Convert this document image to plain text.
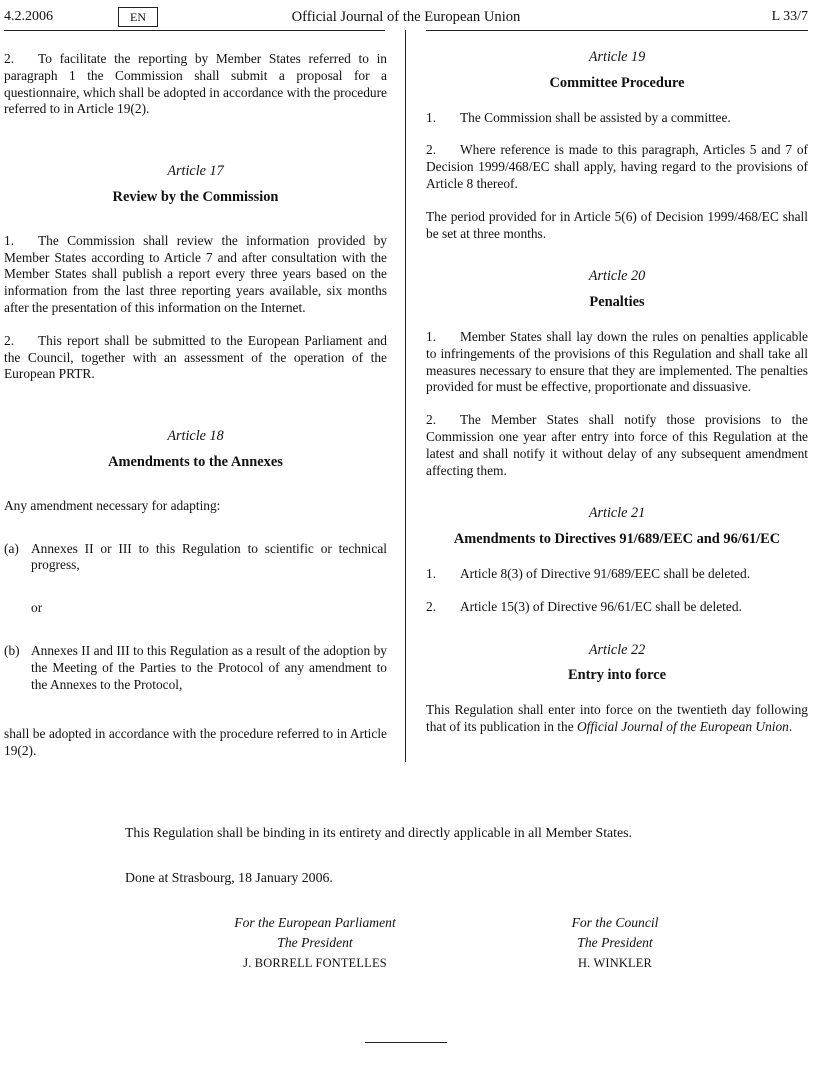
4.2.2006	EN	Official Journal of the European Union	L 33/7

2. To facilitate the reporting by Member States referred to in paragraph 1 the Commission shall submit a proposal for a questionnaire, which shall be adopted in accordance with the procedure referred to in Article 19(2).

Article 17
Review by the Commission

1. The Commission shall review the information provided by Member States according to Article 7 and after consultation with the Member States shall publish a report every three years based on the information from the last three reporting years available, six months after the presentation of this information on the Internet.

2. This report shall be submitted to the European Parliament and the Council, together with an assessment of the operation of the European PRTR.

Article 18
Amendments to the Annexes

Any amendment necessary for adapting:

(a) Annexes II or III to this Regulation to scientific or technical progress,

or

(b) Annexes II and III to this Regulation as a result of the adoption by the Meeting of the Parties to the Protocol of any amendment to the Annexes to the Protocol,

shall be adopted in accordance with the procedure referred to in Article 19(2).

Article 19
Committee Procedure

1. The Commission shall be assisted by a committee.

2. Where reference is made to this paragraph, Articles 5 and 7 of Decision 1999/468/EC shall apply, having regard to the provisions of Article 8 thereof.

The period provided for in Article 5(6) of Decision 1999/468/EC shall be set at three months.

Article 20
Penalties

1. Member States shall lay down the rules on penalties applicable to infringements of the provisions of this Regulation and shall take all measures necessary to ensure that they are implemented. The penalties provided for must be effective, proportionate and dissuasive.

2. The Member States shall notify those provisions to the Commission one year after entry into force of this Regulation at the latest and shall notify it without delay of any subsequent amendment affecting them.

Article 21
Amendments to Directives 91/689/EEC and 96/61/EC

1. Article 8(3) of Directive 91/689/EEC shall be deleted.

2. Article 15(3) of Directive 96/61/EC shall be deleted.

Article 22
Entry into force

This Regulation shall enter into force on the twentieth day following that of its publication in the Official Journal of the European Union.

This Regulation shall be binding in its entirety and directly applicable in all Member States.

Done at Strasbourg, 18 January 2006.

For the European Parliament
The President
J. BORRELL FONTELLES
For the Council
The President
H. WINKLER
